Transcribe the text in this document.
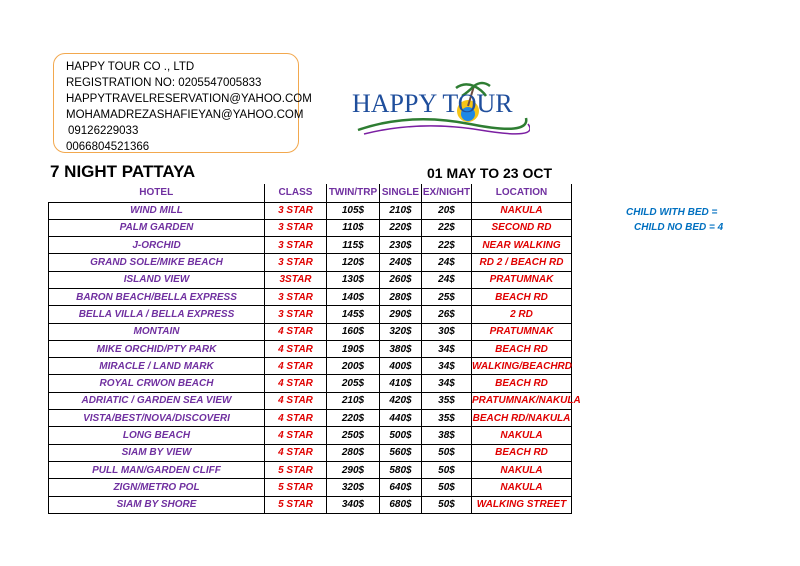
HAPPY TOUR CO ., LTD
REGISTRATION NO: 0205547005833
HAPPYTRAVELRESERVATION@YAHOO.COM
MOHAMADREZASHAFIEYAN@YAHOO.COM
09126229033
0066804521366
HAPPY TOUR
7 NIGHT PATTAYA	01 MAY TO 23 OCT
HOTEL	CLASS	TWIN/TRP	SINGLE	EX/NIGHT	LOCATION
WIND MILL	3 STAR	105$	210$	20$	NAKULA
PALM GARDEN	3 STAR	110$	220$	22$	SECOND RD
J-ORCHID	3 STAR	115$	230$	22$	NEAR WALKING
GRAND SOLE/MIKE BEACH	3 STAR	120$	240$	24$	RD 2 / BEACH RD
ISLAND VIEW	3STAR	130$	260$	24$	PRATUMNAK
BARON BEACH/BELLA EXPRESS	3 STAR	140$	280$	25$	BEACH RD
BELLA VILLA / BELLA EXPRESS	3 STAR	145$	290$	26$	2 RD
MONTAIN	4 STAR	160$	320$	30$	PRATUMNAK
MIKE ORCHID/PTY PARK	4 STAR	190$	380$	34$	BEACH RD
MIRACLE / LAND MARK	4 STAR	200$	400$	34$	WALKING/BEACHRD
ROYAL CRWON BEACH	4 STAR	205$	410$	34$	BEACH RD
ADRIATIC / GARDEN SEA VIEW	4 STAR	210$	420$	35$	PRATUMNAK/NAKULA
VISTA/BEST/NOVA/DISCOVERI	4 STAR	220$	440$	35$	BEACH RD/NAKULA
LONG BEACH	4 STAR	250$	500$	38$	NAKULA
SIAM BY VIEW	4 STAR	280$	560$	50$	BEACH RD
PULL MAN/GARDEN CLIFF	5 STAR	290$	580$	50$	NAKULA
ZIGN/METRO POL	5 STAR	320$	640$	50$	NAKULA
SIAM BY SHORE	5 STAR	340$	680$	50$	WALKING STREET
CHILD WITH BED =
CHILD NO BED = 4
